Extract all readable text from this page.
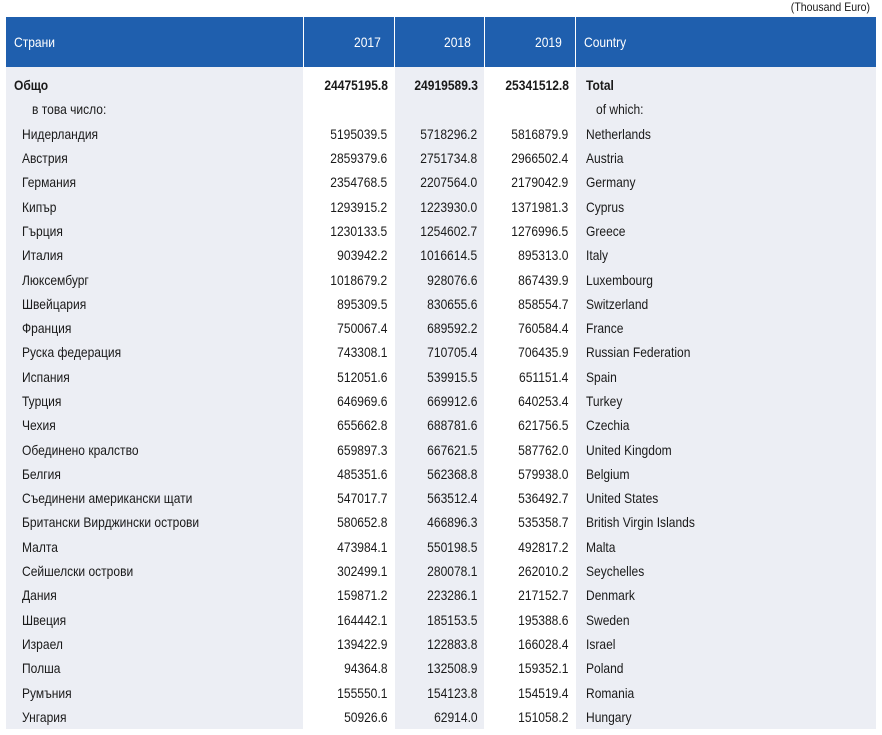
(Thousand Euro)
Страни	2017	2018	2019	Country
Общо	24475195.8	24919589.3	25341512.8	Total
в това число:				of which:
Нидерландия	5195039.5	5718296.2	5816879.9	Netherlands
Австрия	2859379.6	2751734.8	2966502.4	Austria
Германия	2354768.5	2207564.0	2179042.9	Germany
Кипър	1293915.2	1223930.0	1371981.3	Cyprus
Гърция	1230133.5	1254602.7	1276996.5	Greece
Италия	903942.2	1016614.5	895313.0	Italy
Люксембург	1018679.2	928076.6	867439.9	Luxembourg
Швейцария	895309.5	830655.6	858554.7	Switzerland
Франция	750067.4	689592.2	760584.4	France
Руска федерация	743308.1	710705.4	706435.9	Russian Federation
Испания	512051.6	539915.5	651151.4	Spain
Турция	646969.6	669912.6	640253.4	Turkey
Чехия	655662.8	688781.6	621756.5	Czechia
Обединено кралство	659897.3	667621.5	587762.0	United Kingdom
Белгия	485351.6	562368.8	579938.0	Belgium
Съединени американски щати	547017.7	563512.4	536492.7	United States
Британски Вирджински острови	580652.8	466896.3	535358.7	British Virgin Islands
Малта	473984.1	550198.5	492817.2	Malta
Сейшелски острови	302499.1	280078.1	262010.2	Seychelles
Дания	159871.2	223286.1	217152.7	Denmark
Швеция	164442.1	185153.5	195388.6	Sweden
Израел	139422.9	122883.8	166028.4	Israel
Полша	94364.8	132508.9	159352.1	Poland
Румъния	155550.1	154123.8	154519.4	Romania
Унгария	50926.6	62914.0	151058.2	Hungary
